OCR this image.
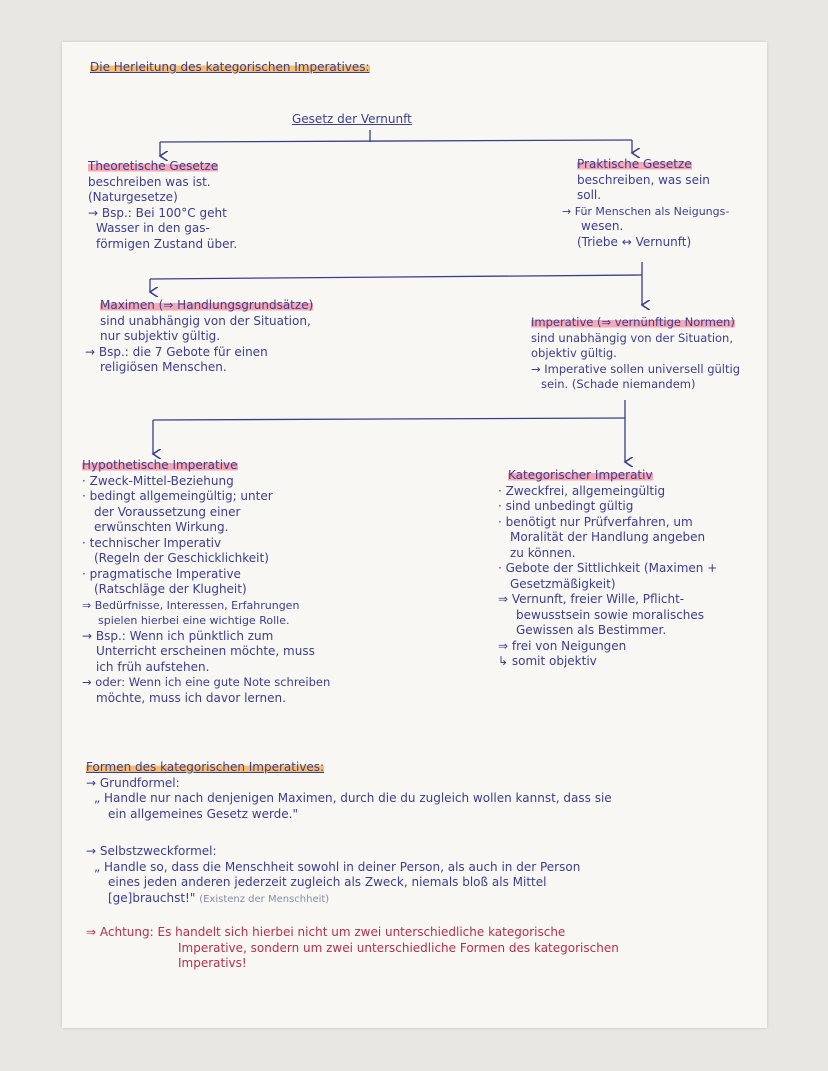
Die Herleitung des kategorischen Imperatives:
Gesetz der Vernunft
Theoretische Gesetze
beschreiben was ist.
(Naturgesetze)
→ Bsp.: Bei 100°C geht
Wasser in den gas-
förmigen Zustand über.
Praktische Gesetze
beschreiben, was sein
soll.
→ Für Menschen als Neigungs-
wesen.
(Triebe ↔ Vernunft)
Maximen (⇒ Handlungsgrundsätze)
sind unabhängig von der Situation,
nur subjektiv gültig.
→ Bsp.: die 7 Gebote für einen
religiösen Menschen.
Imperative (⇒ vernünftige Normen)
sind unabhängig von der Situation,
objektiv gültig.
→ Imperative sollen universell gültig
sein. (Schade niemandem)
Hypothetische Imperative
· Zweck-Mittel-Beziehung
· bedingt allgemeingültig; unter
der Voraussetzung einer
erwünschten Wirkung.
· technischer Imperativ
(Regeln der Geschicklichkeit)
· pragmatische Imperative
(Ratschläge der Klugheit)
⇒ Bedürfnisse, Interessen, Erfahrungen
spielen hierbei eine wichtige Rolle.
→ Bsp.: Wenn ich pünktlich zum
Unterricht erscheinen möchte, muss
ich früh aufstehen.
→ oder: Wenn ich eine gute Note schreiben
möchte, muss ich davor lernen.
Kategorischer Imperativ
· Zweckfrei, allgemeingültig
· sind unbedingt gültig
· benötigt nur Prüfverfahren, um
Moralität der Handlung angeben
zu können.
· Gebote der Sittlichkeit (Maximen +
Gesetzmäßigkeit)
⇒ Vernunft, freier Wille, Pflicht-
bewusstsein sowie moralisches
Gewissen als Bestimmer.
⇒ frei von Neigungen
↳ somit objektiv
Formen des kategorischen Imperatives:
→ Grundformel:
„ Handle nur nach denjenigen Maximen, durch die du zugleich wollen kannst, dass sie
ein allgemeines Gesetz werde."
→ Selbstzweckformel:
„ Handle so, dass die Menschheit sowohl in deiner Person, als auch in der Person
eines jeden anderen jederzeit zugleich als Zweck, niemals bloß als Mittel
[ge]brauchst!" (Existenz der Menschheit)
⇒ Achtung: Es handelt sich hierbei nicht um zwei unterschiedliche kategorische
Imperative, sondern um zwei unterschiedliche Formen des kategorischen
Imperativs!
